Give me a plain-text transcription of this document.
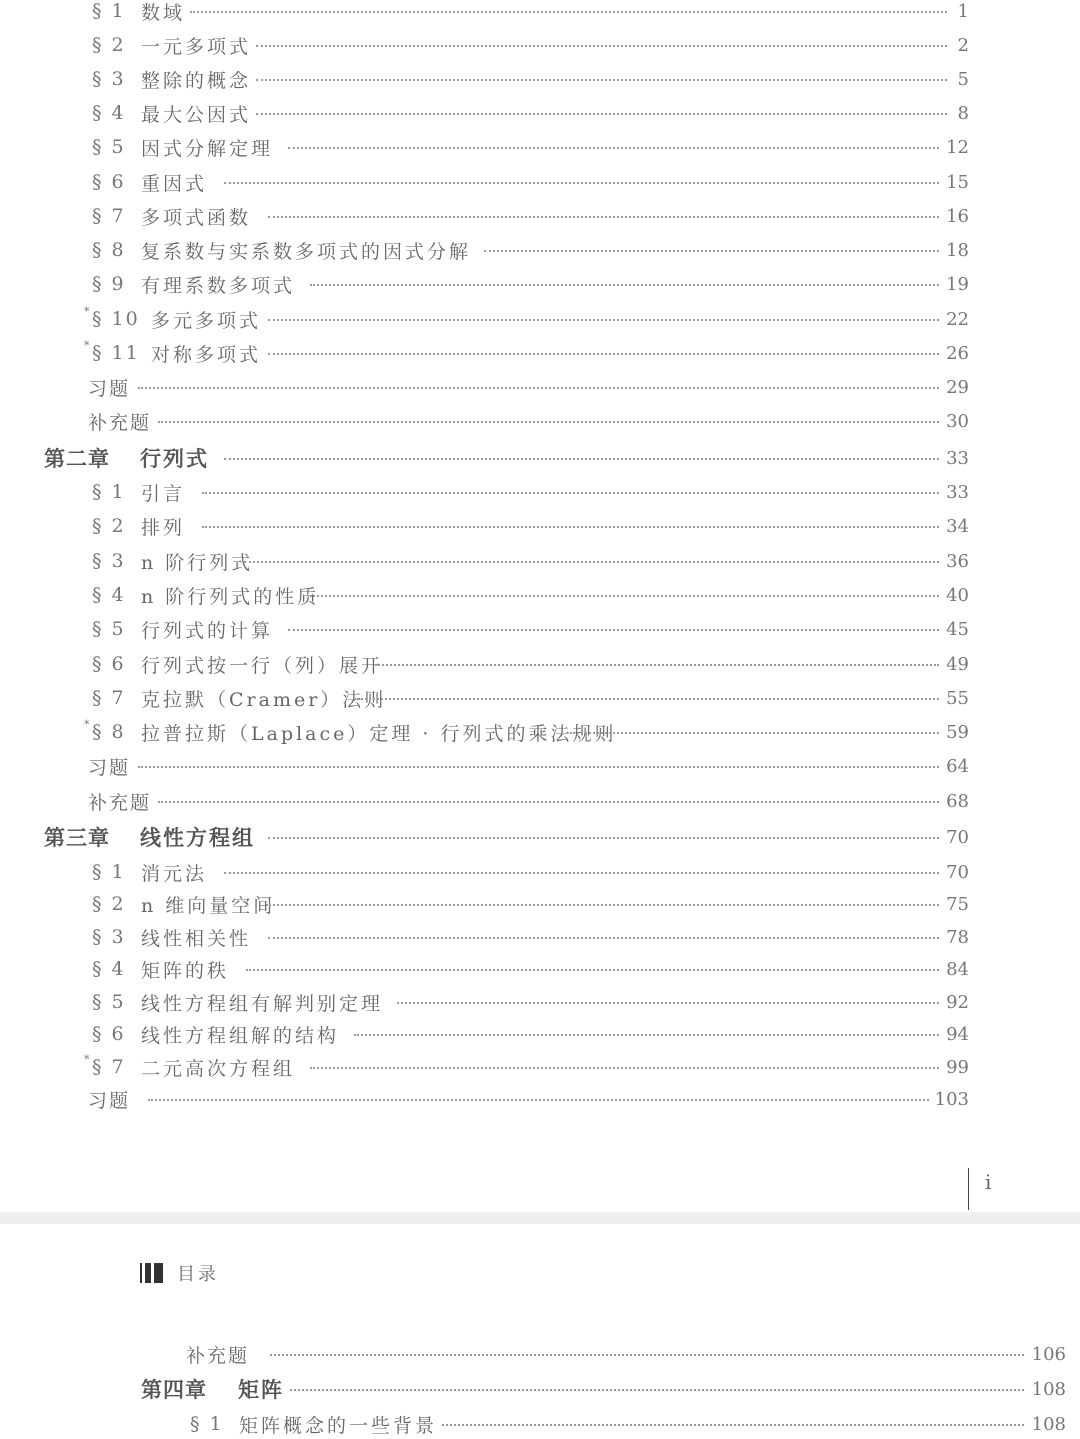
§ 1 数域	1
§ 2 一元多项式	2
§ 3 整除的概念	5
§ 4 最大公因式	8
§ 5 因式分解定理	12
§ 6 重因式	15
§ 7 多项式函数	16
§ 8 复系数与实系数多项式的因式分解	18
§ 9 有理系数多项式	19
* § 10 多元多项式	22
* § 11 对称多项式	26
习题	29
补充题	30
第二章 行列式	33
§ 1 引言	33
§ 2 排列	34
§ 3 n 阶行列式	36
§ 4 n 阶行列式的性质	40
§ 5 行列式的计算	45
§ 6 行列式按一行（列）展开	49
§ 7 克拉默（Cramer）法则	55
* § 8 拉普拉斯（Laplace）定理 · 行列式的乘法规则	59
习题	64
补充题	68
第三章 线性方程组	70
§ 1 消元法	70
§ 2 n 维向量空间	75
§ 3 线性相关性	78
§ 4 矩阵的秩	84
§ 5 线性方程组有解判别定理	92
§ 6 线性方程组解的结构	94
* § 7 二元高次方程组	99
习题	103
i
目录
补充题	106
第四章 矩阵	108
§ 1 矩阵概念的一些背景	108
